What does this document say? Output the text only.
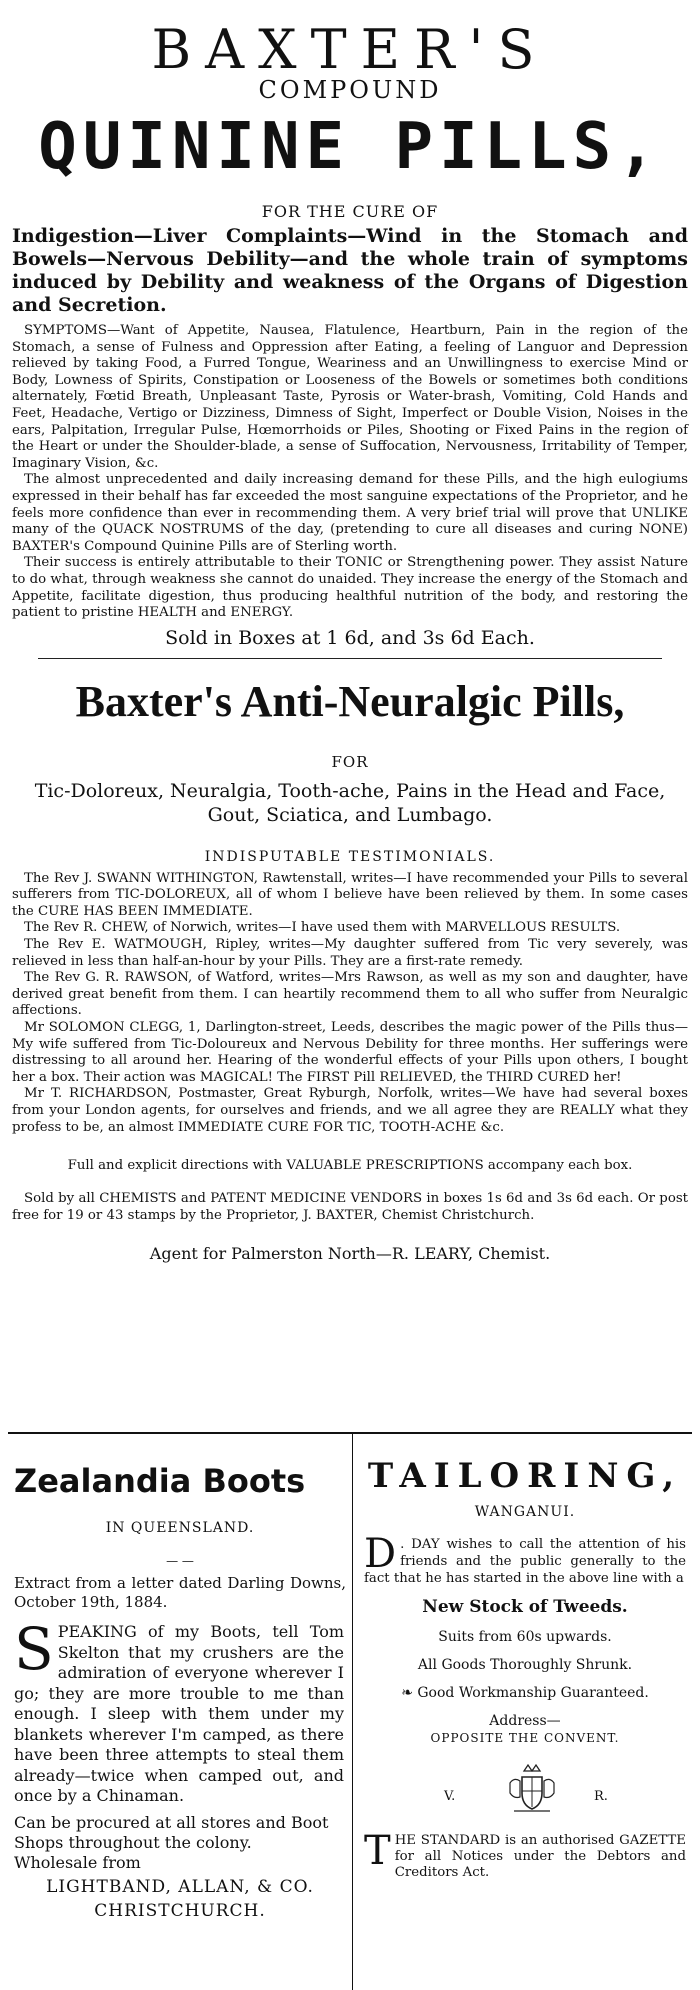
BAXTER'S

COMPOUND

QUININE PILLS,

FOR THE CURE OF

Indigestion—Liver Complaints—Wind in the Stomach and Bowels—Nervous Debility—and the whole train of symptoms induced by Debility and weakness of the Organs of Digestion and Secretion.

SYMPTOMS—Want of Appetite, Nausea, Flatulence, Heartburn, Pain in the region of the Stomach, a sense of Fulness and Oppression after Eating, a feeling of Languor and Depression relieved by taking Food, a Furred Tongue, Weariness and an Unwillingness to exercise Mind or Body, Lowness of Spirits, Constipation or Looseness of the Bowels or sometimes both conditions alternately, Fœtid Breath, Unpleasant Taste, Pyrosis or Water-brash, Vomiting, Cold Hands and Feet, Headache, Vertigo or Dizziness, Dimness of Sight, Imperfect or Double Vision, Noises in the ears, Palpitation, Irregular Pulse, Hœmorrhoids or Piles, Shooting or Fixed Pains in the region of the Heart or under the Shoulder-blade, a sense of Suffocation, Nervousness, Irritability of Temper, Imaginary Vision, &c.

The almost unprecedented and daily increasing demand for these Pills, and the high eulogiums expressed in their behalf has far exceeded the most sanguine expectations of the Proprietor, and he feels more confidence than ever in recommending them. A very brief trial will prove that UNLIKE many of the QUACK NOSTRUMS of the day, (pretending to cure all diseases and curing NONE) BAXTER's Compound Quinine Pills are of Sterling worth.

Their success is entirely attributable to their TONIC or Strengthening power. They assist Nature to do what, through weakness she cannot do unaided. They increase the energy of the Stomach and Appetite, facilitate digestion, thus producing healthful nutrition of the body, and restoring the patient to pristine HEALTH and ENERGY.

Sold in Boxes at 1 6d, and 3s 6d Each.

Baxter's Anti-Neuralgic Pills,

FOR

Tic-Doloreux, Neuralgia, Tooth-ache, Pains in the Head and Face, Gout, Sciatica, and Lumbago.

INDISPUTABLE TESTIMONIALS.

The Rev J. SWANN WITHINGTON, Rawtenstall, writes—I have recommended your Pills to several sufferers from TIC-DOLOREUX, all of whom I believe have been relieved by them. In some cases the CURE HAS BEEN IMMEDIATE.

The Rev R. CHEW, of Norwich, writes—I have used them with MARVELLOUS RESULTS.

The Rev E. WATMOUGH, Ripley, writes—My daughter suffered from Tic very severely, was relieved in less than half-an-hour by your Pills. They are a first-rate remedy.

The Rev G. R. RAWSON, of Watford, writes—Mrs Rawson, as well as my son and daughter, have derived great benefit from them. I can heartily recommend them to all who suffer from Neuralgic affections.

Mr SOLOMON CLEGG, 1, Darlington-street, Leeds, describes the magic power of the Pills thus—My wife suffered from Tic-Doloureux and Nervous Debility for three months. Her sufferings were distressing to all around her. Hearing of the wonderful effects of your Pills upon others, I bought her a box. Their action was MAGICAL! The FIRST Pill RELIEVED, the THIRD CURED her!

Mr T. RICHARDSON, Postmaster, Great Ryburgh, Norfolk, writes—We have had several boxes from your London agents, for ourselves and friends, and we all agree they are REALLY what they profess to be, an almost IMMEDIATE CURE FOR TIC, TOOTH-ACHE &c.

Full and explicit directions with VALUABLE PRESCRIPTIONS accompany each box.

Sold by all CHEMISTS and PATENT MEDICINE VENDORS in boxes 1s 6d and 3s 6d each. Or post free for 19 or 43 stamps by the Proprietor, J. BAXTER, Chemist Christchurch.

Agent for Palmerston North—R. LEARY, Chemist.

Zealandia Boots

IN QUEENSLAND.

— —

Extract from a letter dated Darling Downs, October 19th, 1884.

SPEAKING of my Boots, tell Tom Skelton that my crushers are the admiration of everyone wherever I go; they are more trouble to me than enough. I sleep with them under my blankets wherever I'm camped, as there have been three attempts to steal them already—twice when camped out, and once by a Chinaman.

Can be procured at all stores and Boot Shops throughout the colony.

Wholesale from

LIGHTBAND, ALLAN, & CO.

CHRISTCHURCH.

TAILORING,

WANGANUI.

D . DAY wishes to call the attention of his friends and the public generally to the fact that he has started in the above line with a

New Stock of Tweeds.

Suits from 60s upwards.

All Goods Thoroughly Shrunk.

❧ Good Workmanship Guaranteed.

Address—

OPPOSITE THE CONVENT.

V.	R.

THE STANDARD is an authorised GAZETTE for all Notices under the Debtors and Creditors Act.
